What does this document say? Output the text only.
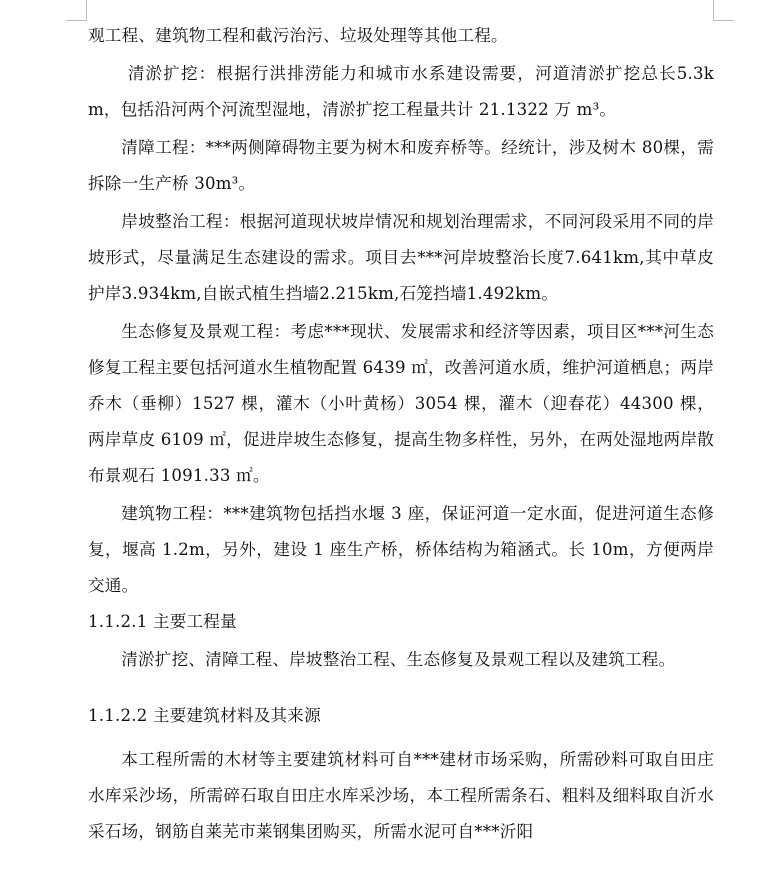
观工程、建筑物工程和截污治污、垃圾处理等其他工程。

清淤扩挖：根据行洪排涝能力和城市水系建设需要，河道清淤扩挖总长5.3km，包括沿河两个河流型湿地，清淤扩挖工程量共计 21.1322 万 m³。

清障工程：***两侧障碍物主要为树木和废弃桥等。经统计，涉及树木 80棵，需拆除一生产桥 30m³。

岸坡整治工程：根据河道现状坡岸情况和规划治理需求，不同河段采用不同的岸坡形式，尽量满足生态建设的需求。项目去***河岸坡整治长度7.641km,其中草皮护岸3.934km,自嵌式植生挡墙2.215km,石笼挡墙1.492km。

生态修复及景观工程：考虑***现状、发展需求和经济等因素，项目区***河生态修复工程主要包括河道水生植物配置 6439 ㎡，改善河道水质，维护河道栖息；两岸乔木（垂柳）1527 棵，灌木（小叶黄杨）3054 棵，灌木（迎春花）44300 棵，两岸草皮 6109 ㎡，促进岸坡生态修复，提高生物多样性，另外，在两处湿地两岸散布景观石 1091.33 ㎡。

建筑物工程：***建筑物包括挡水堰 3 座，保证河道一定水面，促进河道生态修复，堰高 1.2m，另外，建设 1 座生产桥，桥体结构为箱涵式。长 10m，方便两岸交通。

1.1.2.1 主要工程量

清淤扩挖、清障工程、岸坡整治工程、生态修复及景观工程以及建筑工程。

1.1.2.2 主要建筑材料及其来源

本工程所需的木材等主要建筑材料可自***建材市场采购，所需砂料可取自田庄水库采沙场，所需碎石取自田庄水库采沙场，本工程所需条石、粗料及细料取自沂水采石场，钢筋自莱芜市莱钢集团购买，所需水泥可自***沂阳
